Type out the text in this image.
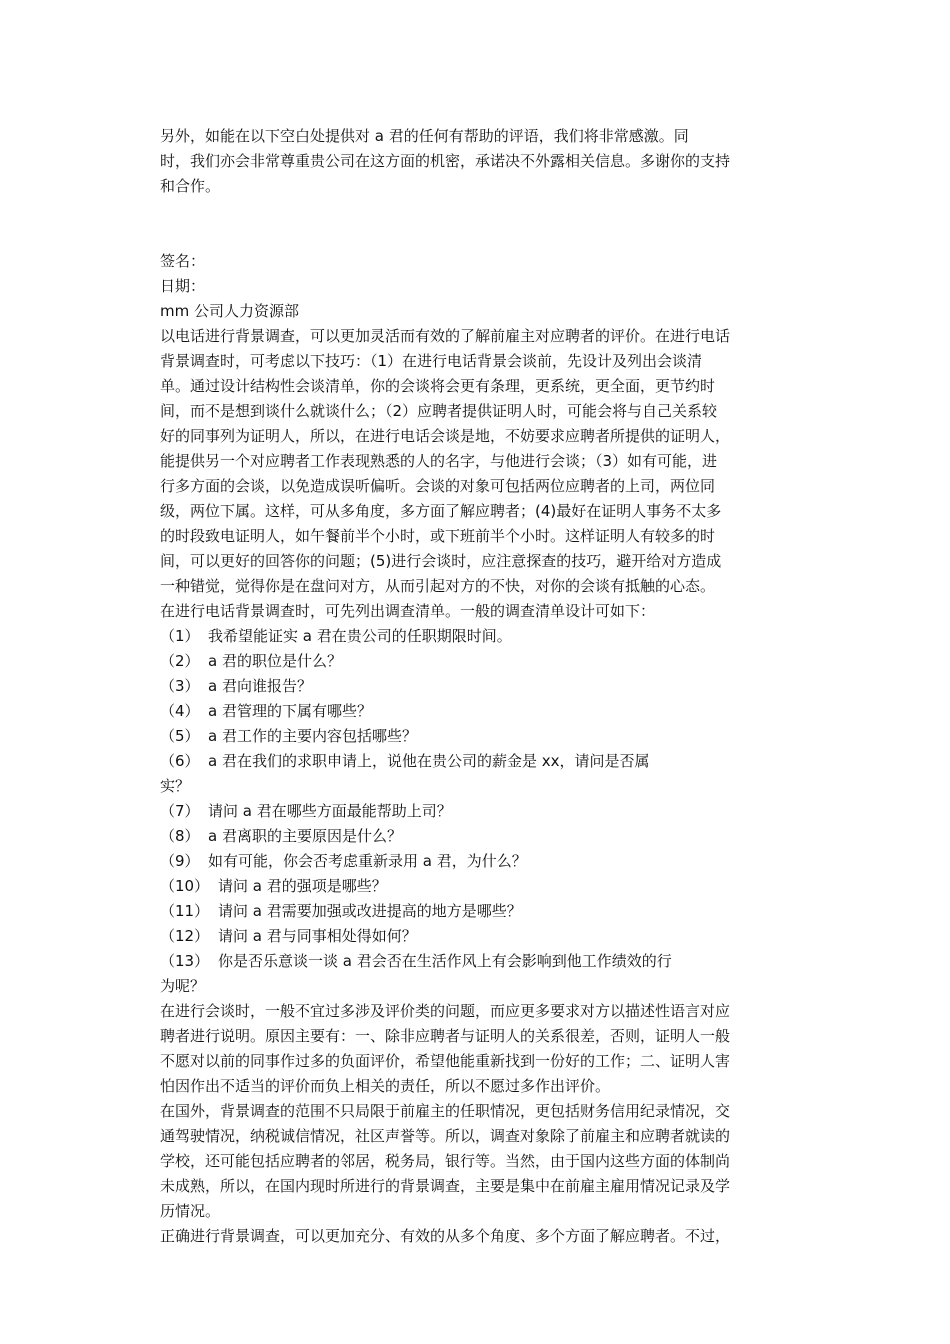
另外，如能在以下空白处提供对 a 君的任何有帮助的评语，我们将非常感激。同
时，我们亦会非常尊重贵公司在这方面的机密，承诺决不外露相关信息。多谢你的支持
和合作。
签名：
日期：
mm 公司人力资源部
以电话进行背景调查，可以更加灵活而有效的了解前雇主对应聘者的评价。在进行电话
背景调查时，可考虑以下技巧：（1）在进行电话背景会谈前，先设计及列出会谈清
单。通过设计结构性会谈清单，你的会谈将会更有条理，更系统，更全面，更节约时
间，而不是想到谈什么就谈什么；（2）应聘者提供证明人时，可能会将与自己关系较
好的同事列为证明人，所以，在进行电话会谈是地，不妨要求应聘者所提供的证明人，
能提供另一个对应聘者工作表现熟悉的人的名字，与他进行会谈；（3）如有可能，进
行多方面的会谈，以免造成误听偏听。会谈的对象可包括两位应聘者的上司，两位同
级，两位下属。这样，可从多角度，多方面了解应聘者；(4)最好在证明人事务不太多
的时段致电证明人，如午餐前半个小时，或下班前半个小时。这样证明人有较多的时
间，可以更好的回答你的问题；(5)进行会谈时，应注意探查的技巧，避开给对方造成
一种错觉，觉得你是在盘问对方，从而引起对方的不快，对你的会谈有抵触的心态。
在进行电话背景调查时，可先列出调查清单。一般的调查清单设计可如下：
（1） 我希望能证实 a 君在贵公司的任职期限时间。
（2） a 君的职位是什么？
（3） a 君向谁报告？
（4） a 君管理的下属有哪些？
（5） a 君工作的主要内容包括哪些？
（6） a 君在我们的求职申请上，说他在贵公司的薪金是 xx，请问是否属
实？
（7） 请问 a 君在哪些方面最能帮助上司？
（8） a 君离职的主要原因是什么？
（9） 如有可能，你会否考虑重新录用 a 君，为什么？
（10） 请问 a 君的强项是哪些？
（11） 请问 a 君需要加强或改进提高的地方是哪些？
（12） 请问 a 君与同事相处得如何？
（13） 你是否乐意谈一谈 a 君会否在生活作风上有会影响到他工作绩效的行
为呢？
在进行会谈时，一般不宜过多涉及评价类的问题，而应更多要求对方以描述性语言对应
聘者进行说明。原因主要有：一、除非应聘者与证明人的关系很差，否则，证明人一般
不愿对以前的同事作过多的负面评价，希望他能重新找到一份好的工作；二、证明人害
怕因作出不适当的评价而负上相关的责任，所以不愿过多作出评价。
在国外，背景调查的范围不只局限于前雇主的任职情况，更包括财务信用纪录情况，交
通驾驶情况，纳税诚信情况，社区声誉等。所以，调查对象除了前雇主和应聘者就读的
学校，还可能包括应聘者的邻居，税务局，银行等。当然，由于国内这些方面的体制尚
未成熟，所以，在国内现时所进行的背景调查，主要是集中在前雇主雇用情况记录及学
历情况。
正确进行背景调查，可以更加充分、有效的从多个角度、多个方面了解应聘者。不过，
